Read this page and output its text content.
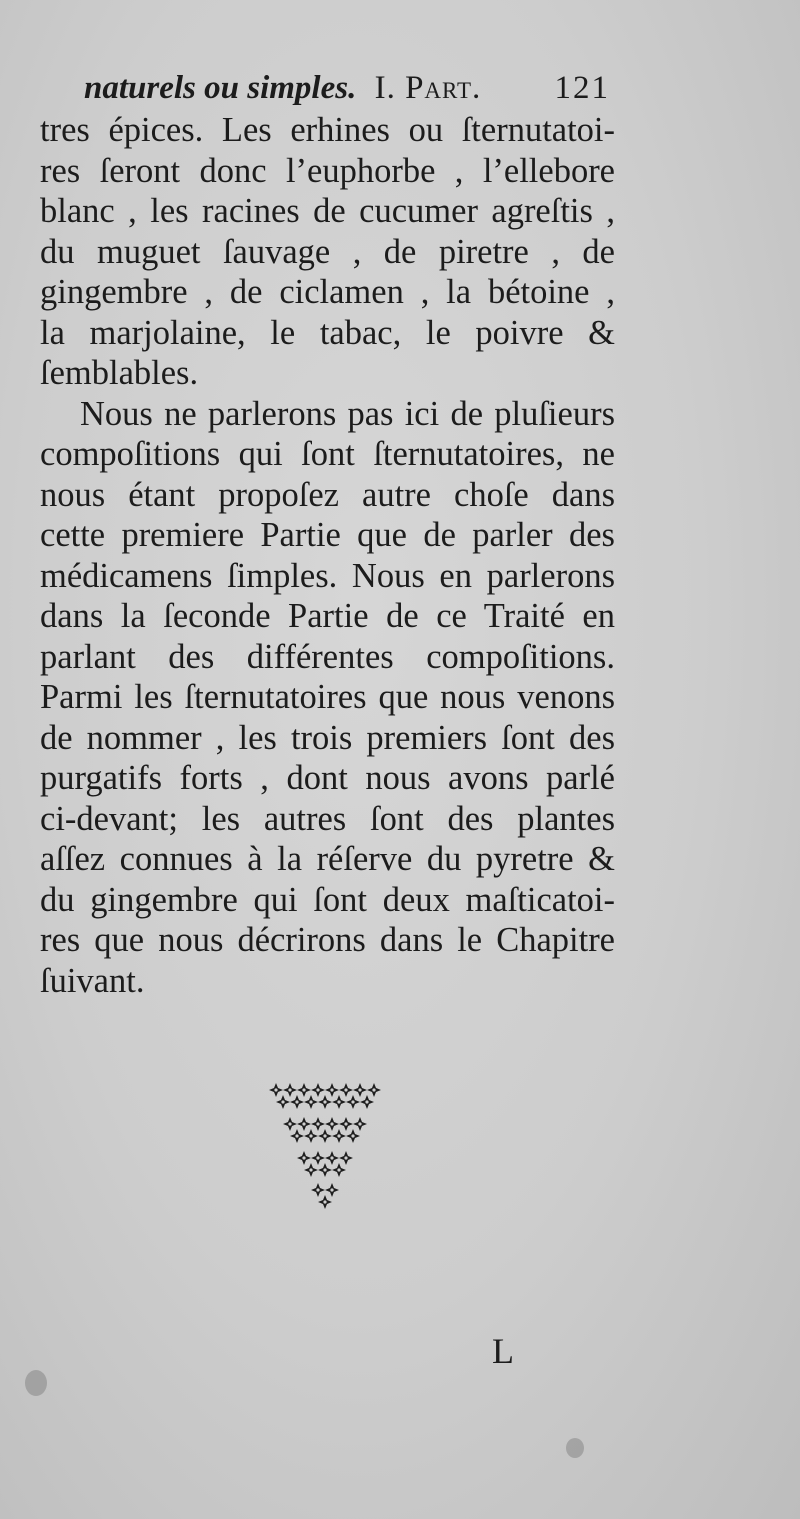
naturels ou simples. I. Part. 121
tres épices. Les erhines ou ſternutatoi-
res ſeront donc l’euphorbe , l’ellebore
blanc , les racines de cucumer agreſtis ,
du muguet ſauvage , de piretre , de
gingembre , de ciclamen , la bétoine ,
la marjolaine, le tabac, le poivre &
ſemblables.
Nous ne parlerons pas ici de pluſieurs
compoſitions qui ſont ſternutatoires, ne
nous étant propoſez autre choſe dans
cette premiere Partie que de parler des
médicamens ſimples. Nous en parlerons
dans la ſeconde Partie de ce Traité en
parlant des différentes compoſitions.
Parmi les ſternutatoires que nous venons
de nommer , les trois premiers ſont des
purgatifs forts , dont nous avons parlé
ci-devant; les autres ſont des plantes
aſſez connues à la réſerve du pyretre &
du gingembre qui ſont deux maſticatoi-
res que nous décrirons dans le Chapitre
ſuivant.
L
